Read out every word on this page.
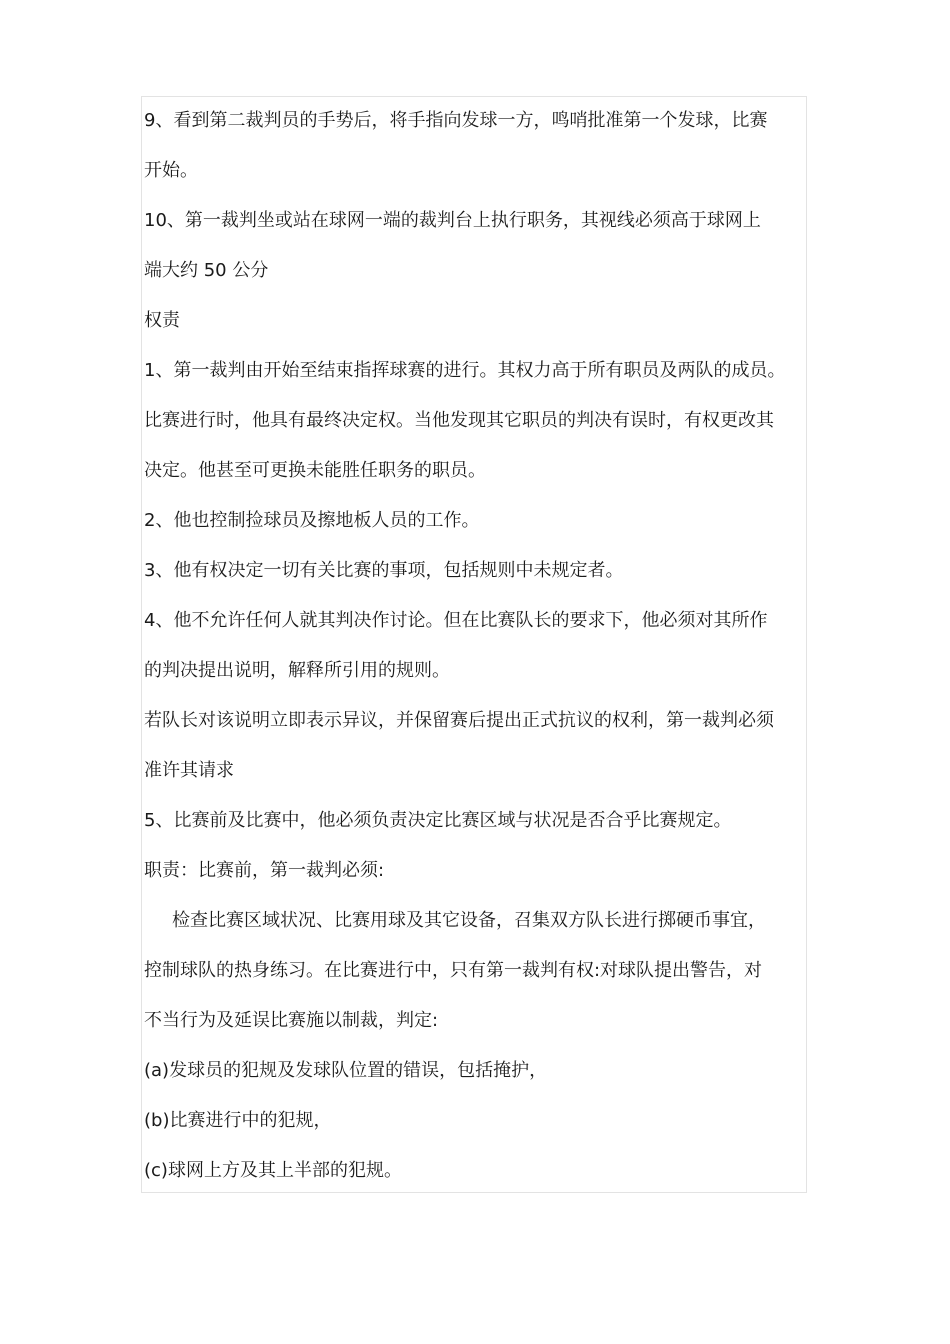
9、看到第二裁判员的手势后，将手指向发球一方，鸣哨批准第一个发球，比赛
开始。
10、第一裁判坐或站在球网一端的裁判台上执行职务，其视线必须高于球网上
端大约 50 公分
权责
1、第一裁判由开始至结束指挥球赛的进行。其权力高于所有职员及两队的成员。
比赛进行时，他具有最终决定权。当他发现其它职员的判决有误时，有权更改其
决定。他甚至可更换未能胜任职务的职员。
2、他也控制捡球员及擦地板人员的工作。
3、他有权决定一切有关比赛的事项，包括规则中未规定者。
4、他不允许任何人就其判决作讨论。但在比赛队长的要求下，他必须对其所作
的判决提出说明，解释所引用的规则。
若队长对该说明立即表示异议，并保留赛后提出正式抗议的权利，第一裁判必须
准许其请求
5、比赛前及比赛中，他必须负责决定比赛区域与状况是否合乎比赛规定。
职责：比赛前，第一裁判必须:
检查比赛区域状况、比赛用球及其它设备，召集双方队长进行掷硬币事宜，
控制球队的热身练习。在比赛进行中，只有第一裁判有权:对球队提出警告，对
不当行为及延误比赛施以制裁，判定:
(a)发球员的犯规及发球队位置的错误，包括掩护，
(b)比赛进行中的犯规，
(c)球网上方及其上半部的犯规。
